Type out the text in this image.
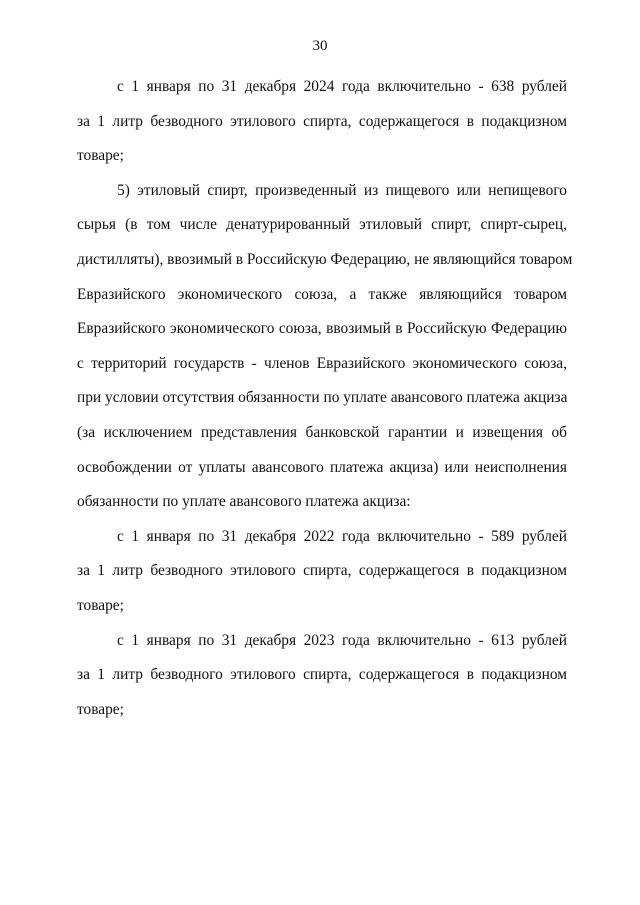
30

с 1 января по 31 декабря 2024 года включительно - 638 рублей
за 1 литр безводного этилового спирта, содержащегося в подакцизном
товаре;

5) этиловый спирт, произведенный из пищевого или непищевого
сырья (в том числе денатурированный этиловый спирт, спирт-сырец,
дистилляты), ввозимый в Российскую Федерацию, не являющийся товаром
Евразийского экономического союза, а также являющийся товаром
Евразийского экономического союза, ввозимый в Российскую Федерацию
с территорий государств - членов Евразийского экономического союза,
при условии отсутствия обязанности по уплате авансового платежа акциза
(за исключением представления банковской гарантии и извещения об
освобождении от уплаты авансового платежа акциза) или неисполнения
обязанности по уплате авансового платежа акциза:

с 1 января по 31 декабря 2022 года включительно - 589 рублей
за 1 литр безводного этилового спирта, содержащегося в подакцизном
товаре;

с 1 января по 31 декабря 2023 года включительно - 613 рублей
за 1 литр безводного этилового спирта, содержащегося в подакцизном
товаре;
